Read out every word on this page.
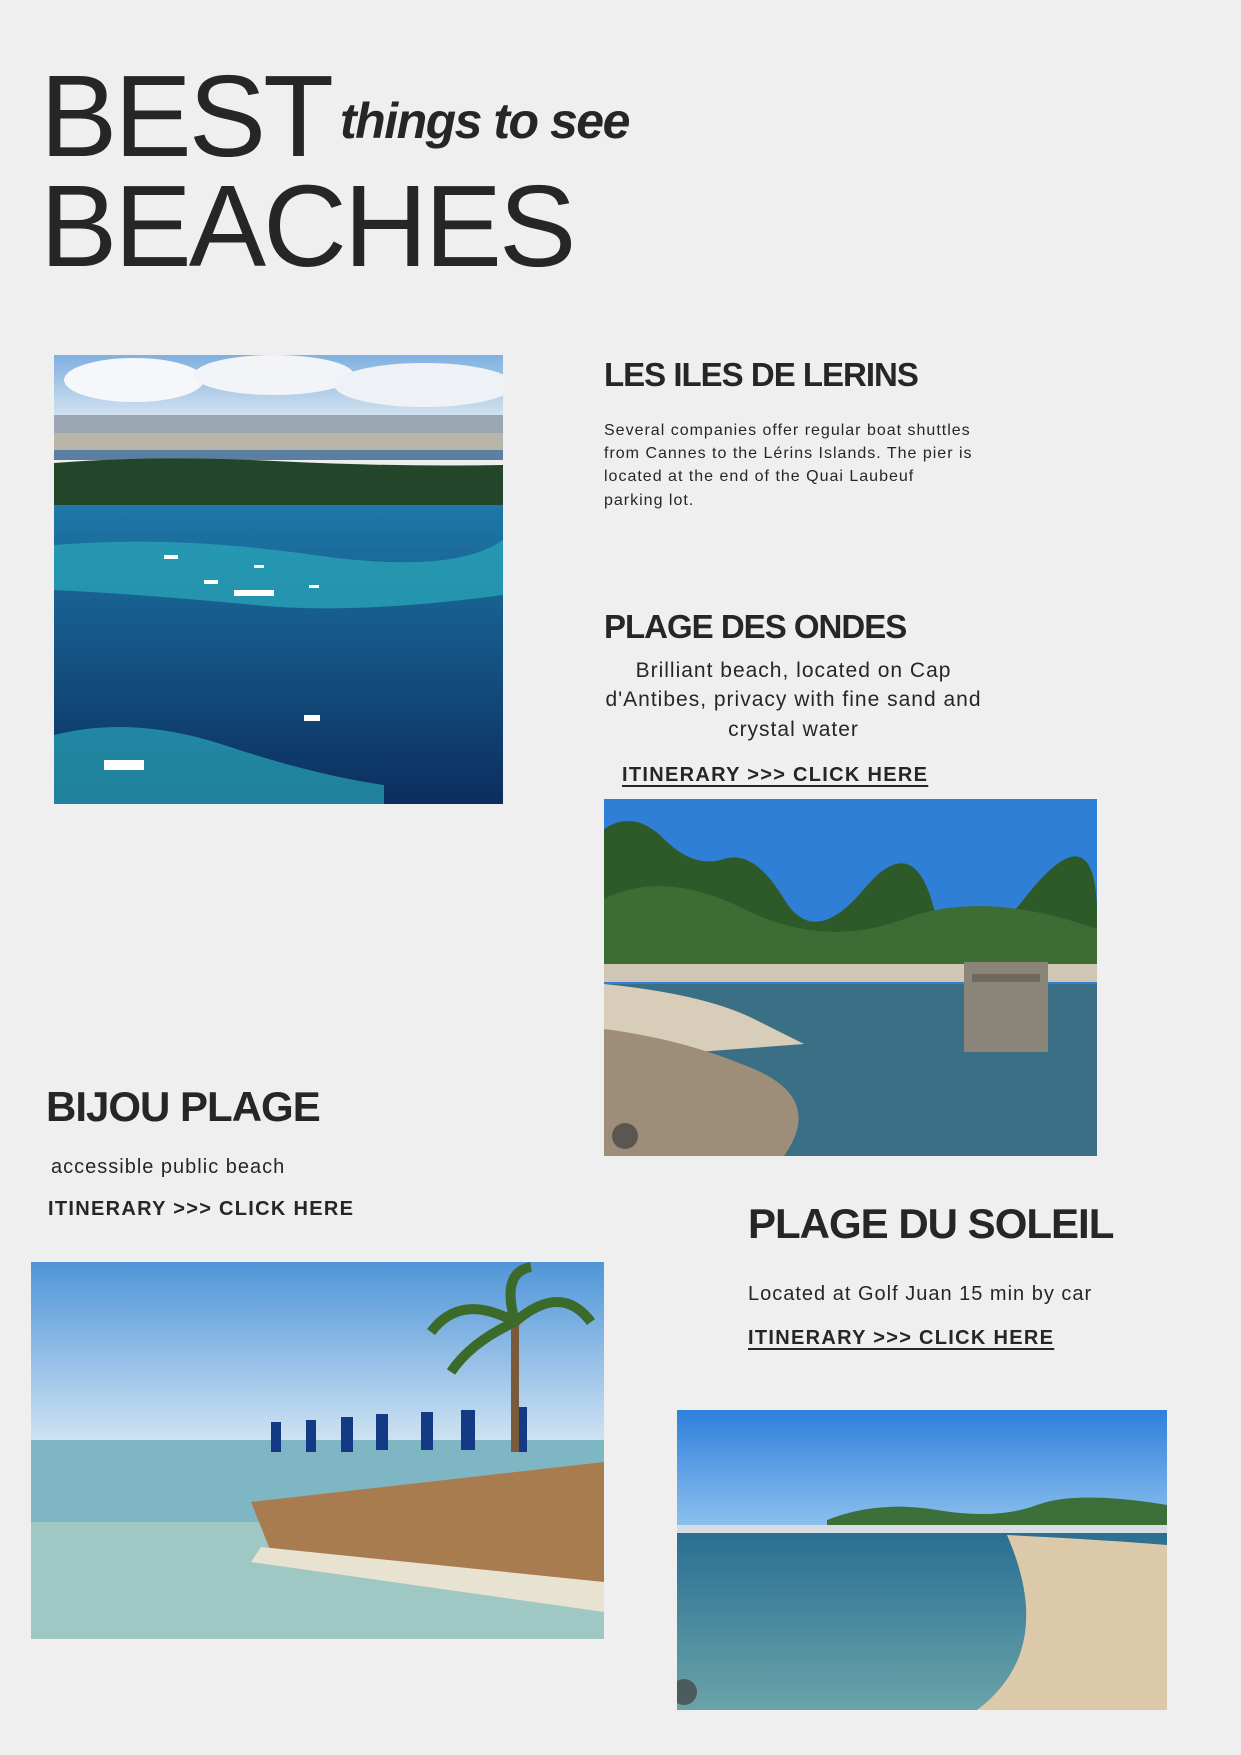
BEST things to see
BEACHES
LES ILES DE LERINS
Several companies offer regular boat shuttles from Cannes to the Lérins Islands. The pier is located at the end of the Quai Laubeuf parking lot.
PLAGE DES ONDES
Brilliant beach, located on Cap d'Antibes, privacy with fine sand and crystal water
ITINERARY >>> CLICK HERE
BIJOU PLAGE
accessible public beach
ITINERARY >>> CLICK HERE	PLAGE DU SOLEIL
Located at Golf Juan 15 min by car
ITINERARY >>> CLICK HERE
